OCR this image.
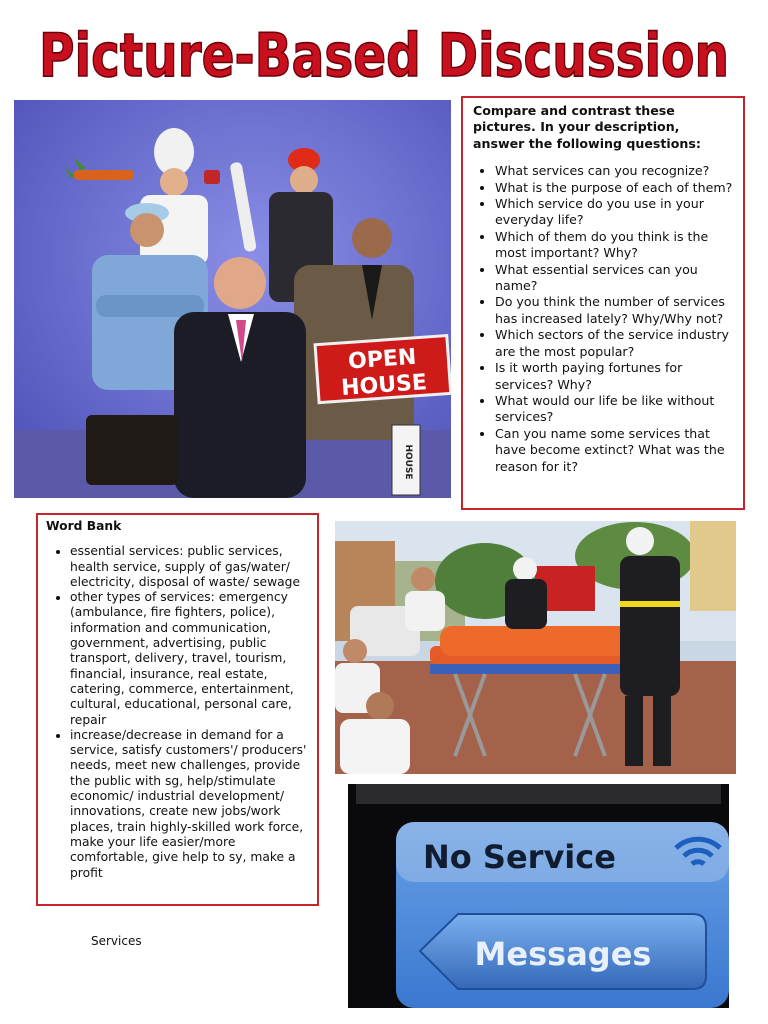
Picture-Based Discussion
OPEN
HOUSE
HOUSE

Compare and contrast these pictures. In your description, answer the following questions:

• What services can you recognize?
• What is the purpose of each of them?
• Which service do you use in your everyday life?
• Which of them do you think is the most important? Why?
• What essential services can you name?
• Do you think the number of services has increased lately? Why/Why not?
• Which sectors of the service industry are the most popular?
• Is it worth paying fortunes for services? Why?
• What would our life be like without services?
• Can you name some services that have become extinct? What was the reason for it?

Word Bank

• essential services: public services, health service, supply of gas/water/ electricity, disposal of waste/ sewage
• other types of services: emergency (ambulance, fire fighters, police), information and communication, government, advertising, public transport, delivery, travel, tourism, financial, insurance, real estate, catering, commerce, entertainment, cultural, educational, personal care, repair
• increase/decrease in demand for a service, satisfy customers'/ producers' needs, meet new challenges, provide the public with sg, help/stimulate economic/ industrial development/ innovations, create new jobs/work places, train highly-skilled work force, make your life easier/more comfortable, give help to sy, make a profit	No Service
Messages
Services
